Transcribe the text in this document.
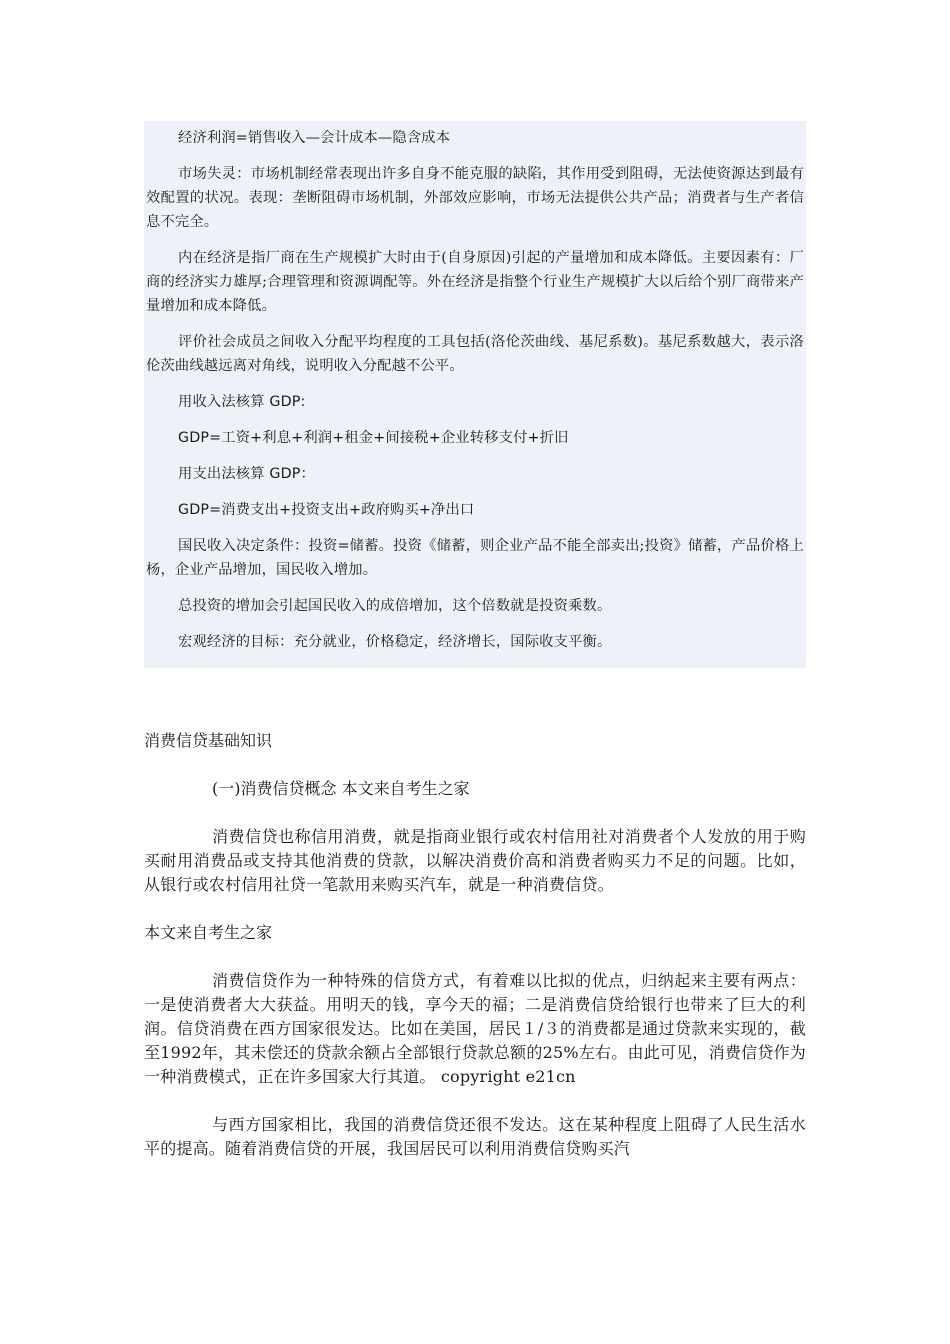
经济利润=销售收入—会计成本—隐含成本

市场失灵：市场机制经常表现出许多自身不能克服的缺陷，其作用受到阻碍，无法使资源达到最有效配置的状况。表现：垄断阻碍市场机制，外部效应影响，市场无法提供公共产品；消费者与生产者信息不完全。

内在经济是指厂商在生产规模扩大时由于(自身原因)引起的产量增加和成本降低。主要因素有：厂商的经济实力雄厚;合理管理和资源调配等。外在经济是指整个行业生产规模扩大以后给个别厂商带来产量增加和成本降低。

评价社会成员之间收入分配平均程度的工具包括(洛伦茨曲线、基尼系数)。基尼系数越大，表示洛伦茨曲线越远离对角线，说明收入分配越不公平。

用收入法核算 GDP:

GDP=工资+利息+利润+租金+间接税+企业转移支付+折旧

用支出法核算 GDP：

GDP=消费支出+投资支出+政府购买+净出口

国民收入决定条件：投资=储蓄。投资《储蓄，则企业产品不能全部卖出;投资》储蓄，产品价格上杨，企业产品增加，国民收入增加。

总投资的增加会引起国民收入的成倍增加，这个倍数就是投资乘数。

宏观经济的目标：充分就业，价格稳定，经济增长，国际收支平衡。

消费信贷基础知识

(一)消费信贷概念 本文来自考生之家

消费信贷也称信用消费，就是指商业银行或农村信用社对消费者个人发放的用于购买耐用消费品或支持其他消费的贷款，以解决消费价高和消费者购买力不足的问题。比如，从银行或农村信用社贷一笔款用来购买汽车，就是一种消费信贷。

本文来自考生之家

消费信贷作为一种特殊的信贷方式，有着难以比拟的优点，归纳起来主要有两点：一是使消费者大大获益。用明天的钱，享今天的福；二是消费信贷给银行也带来了巨大的利润。信贷消费在西方国家很发达。比如在美国，居民１/３的消费都是通过贷款来实现的，截至1992年，其未偿还的贷款余额占全部银行贷款总额的25%左右。由此可见，消费信贷作为一种消费模式，正在许多国家大行其道。 copyright e21cn

与西方国家相比，我国的消费信贷还很不发达。这在某种程度上阻碍了人民生活水平的提高。随着消费信贷的开展，我国居民可以利用消费信贷购买汽
